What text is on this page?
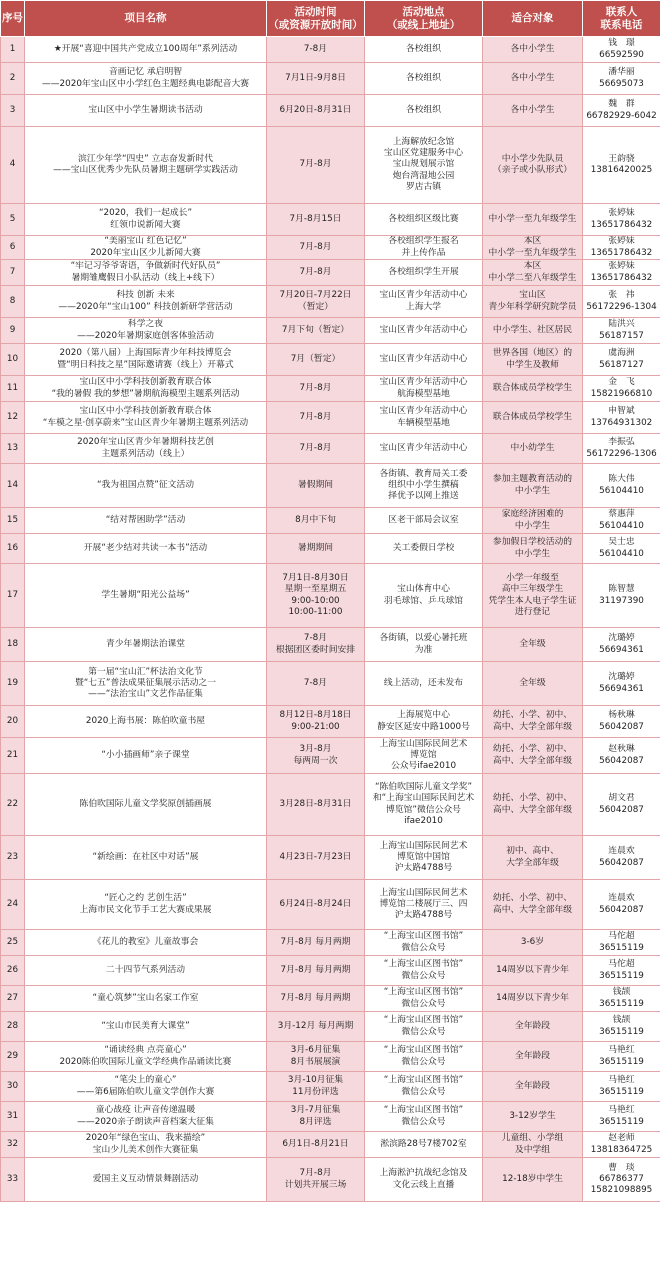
序号	项目名称	活动时间
（或资源开放时间）	活动地点
（或线上地址）	适合对象	联系人
联系电话
1	★开展“喜迎中国共产党成立100周年”系列活动	7-8月	各校组织	各中小学生	钱　璟
66592590
2	音画记忆 承启明智
——2020年宝山区中小学红色主题经典电影配音大赛	7月1日-9月8日	各校组织	各中小学生	潘华丽
56695073
3	宝山区中小学生暑期读书活动	6月20日-8月31日	各校组织	各中小学生	魏　群
66782929-6042
4	滨江少年学“四史” 立志奋发新时代
——宝山区优秀少先队员暑期主题研学实践活动	7月-8月	上海解放纪念馆
宝山区党建服务中心
宝山规划展示馆
炮台湾湿地公园
罗店古镇	中小学少先队员
（亲子或小队形式）	王韵骁
13816420025
5	“2020，我们一起成长”
红领巾说新闻大赛	7月-8月15日	各校组织区级比赛	中小学一至九年级学生	张婷妹
13651786432
6	“美丽宝山 红色记忆”
2020年宝山区少儿新闻大赛	7月-8月	各校组织学生报名
并上传作品	本区
中小学一至九年级学生	张婷妹
13651786432
7	“牢记习爷爷寄语，争做新时代好队员”
暑期雏鹰假日小队活动（线上+线下）	7月-8月	各校组织学生开展	本区
中小学二至八年级学生	张婷妹
13651786432
8	科技 创新 未来
——2020年“宝山100” 科技创新研学营活动	7月20日-7月22日
（暂定）	宝山区青少年活动中心
上海大学	宝山区
青少年科学研究院学员	张　祎
56172296-1304
9	科学之夜
——2020年暑期家庭创客体验活动	7月下旬（暂定）	宝山区青少年活动中心	中小学生、社区居民	陆洪兴
56187157
10	2020（第八届）上海国际青少年科技博览会
暨“明日科技之星”国际邀请赛（线上）开幕式	7月（暂定）	宝山区青少年活动中心	世界各国（地区）的
中学生及教师	虞海洲
56187127
11	宝山区中小学科技创新教育联合体
“我的暑假 我的梦想”暑期航海模型主题系列活动	7月-8月	宝山区青少年活动中心
航海模型基地	联合体成员学校学生	金　飞
15821966810
12	宝山区中小学科技创新教育联合体
“车模之星·创享蔚来”宝山区青少年暑期主题系列活动	7月-8月	宝山区青少年活动中心
车辆模型基地	联合体成员学校学生	申智斌
13764931302
13	2020年宝山区青少年暑期科技艺创
主题系列活动（线上）	7月-8月	宝山区青少年活动中心	中小幼学生	李振弘
56172296-1306
14	“我为祖国点赞”征文活动	暑假期间	各街镇、教育局关工委
组织中小学生撰稿
择优予以网上推送	参加主题教育活动的
中小学生	陈大伟
56104410
15	“结对帮困助学”活动	8月中下旬	区老干部局会议室	家庭经济困难的
中小学生	蔡惠萍
56104410
16	开展“老少结对共读一本书”活动	暑期期间	关工委假日学校	参加假日学校活动的
中小学生	吴士忠
56104410
17	学生暑期“阳光公益场”	7月1日-8月30日
星期一至星期五
9:00-10:00
10:00-11:00	宝山体育中心
羽毛球馆、乒乓球馆	小学一年级至
高中三年级学生
凭学生本人电子学生证
进行登记	陈智慧
31197390
18	青少年暑期法治课堂	7-8月
根据团区委时间安排	各街镇，以爱心暑托班
为准	全年级	沈璐婷
56694361
19	第一届“宝山汇”杯法治文化节
暨“七五”普法成果征集展示活动之一
——“法治宝山”文艺作品征集	7-8月	线上活动，还未发布	全年级	沈璐婷
56694361
20	2020上海书展：陈伯吹童书屋	8月12日-8月18日
9:00-21:00	上海展览中心
静安区延安中路1000号	幼托、小学、初中、
高中、大学全部年级	杨秋琳
56042087
21	“小小插画师”亲子课堂	3月-8月
每两周一次	上海宝山国际民间艺术
博览馆
公众号ifae2010	幼托、小学、初中、
高中、大学全部年级	赵秋琳
56042087
22	陈伯吹国际儿童文学奖原创插画展	3月28日-8月31日	“陈伯吹国际儿童文学奖”
和“上海宝山国际民间艺术
博览馆”微信公众号
ifae2010	幼托、小学、初中、
高中、大学全部年级	胡文君
56042087
23	“新绘画：在社区中对话”展	4月23日-7月23日	上海宝山国际民间艺术
博览馆中国馆
沪太路4788号	初中、高中、
大学全部年级	连晨欢
56042087
24	“匠心之约 艺创生活”
上海市民文化节手工艺大赛成果展	6月24日-8月24日	上海宝山国际民间艺术
博览馆二楼展厅三、四
沪太路4788号	幼托、小学、初中、
高中、大学全部年级	连晨欢
56042087
25	《花儿的教室》儿童故事会	7月-8月 每月两期	“上海宝山区图书馆”
微信公众号	3-6岁	马佗超
36515119
26	二十四节气系列活动	7月-8月 每月两期	“上海宝山区图书馆”
微信公众号	14周岁以下青少年	马佗超
36515119
27	“童心筑梦”宝山名家工作室	7月-8月 每月两期	“上海宝山区图书馆”
微信公众号	14周岁以下青少年	钱颉
36515119
28	“宝山市民美育大课堂”	3月-12月 每月两期	“上海宝山区图书馆”
微信公众号	全年龄段	钱颉
36515119
29	“诵读经典 点亮童心”
2020陈伯吹国际儿童文学经典作品诵读比赛	3月-6月征集
8月书展展演	“上海宝山区图书馆”
微信公众号	全年龄段	马艳红
36515119
30	“笔尖上的童心”
——第6届陈伯吹儿童文学创作大赛	3月-10月征集
11月份评选	“上海宝山区图书馆”
微信公众号	全年龄段	马艳红
36515119
31	童心战疫 让声音传递温暖
——2020亲子朗读声音档案大征集	3月-7月征集
8月评选	“上海宝山区图书馆”
微信公众号	3-12岁学生	马艳红
36515119
32	2020年“绿色宝山、我来描绘”
宝山少儿美术创作大赛征集	6月1日-8月21日	淞滨路28号7楼702室	儿童组、小学组
及中学组	赵老师
13818364725
33	爱国主义互动情景舞剧活动	7月-8月
计划共开展三场	上海淞沪抗战纪念馆及
文化云线上直播	12-18岁中学生	曹　琰
66786377
15821098895
